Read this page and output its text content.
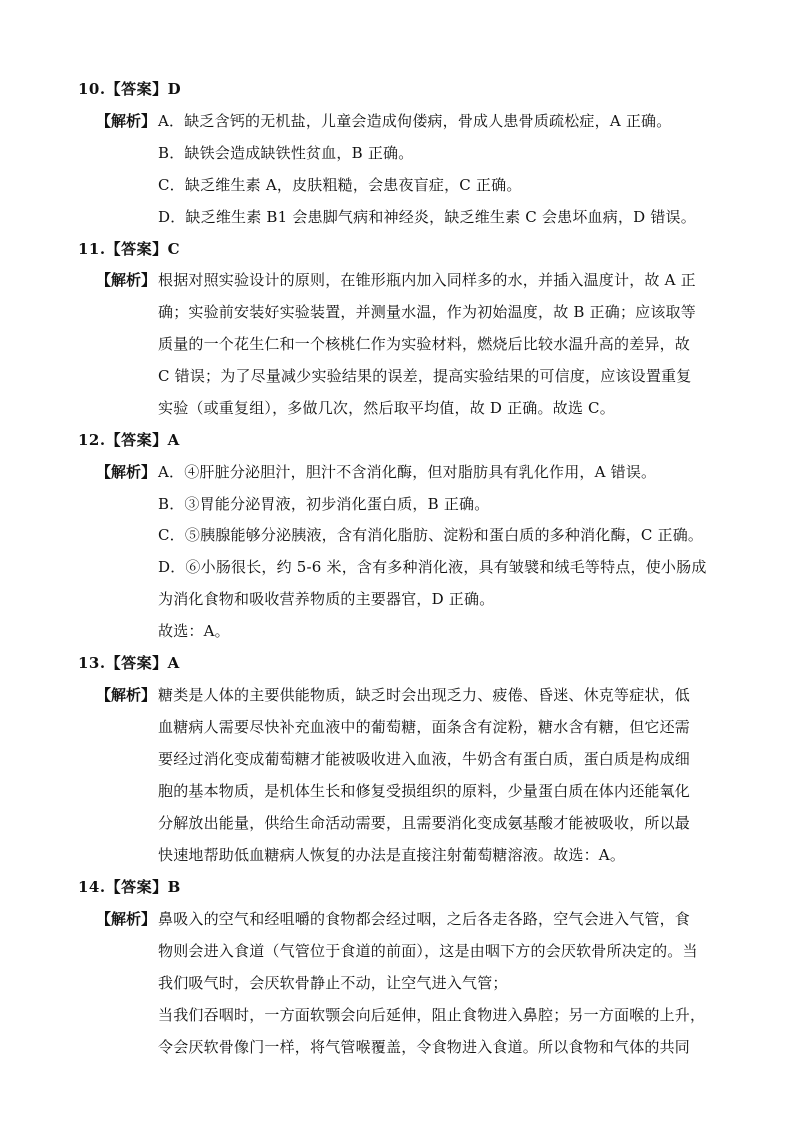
10.【答案】D
【解析】 A．缺乏含钙的无机盐，儿童会造成佝偻病，骨成人患骨质疏松症，A 正确。
B．缺铁会造成缺铁性贫血，B 正确。
C．缺乏维生素 A，皮肤粗糙，会患夜盲症，C 正确。
D．缺乏维生素 B1 会患脚气病和神经炎，缺乏维生素 C 会患坏血病，D 错误。
11.【答案】C
【解析】 根据对照实验设计的原则，在锥形瓶内加入同样多的水，并插入温度计，故 A 正
确；实验前安装好实验装置，并测量水温，作为初始温度，故 B 正确；应该取等
质量的一个花生仁和一个核桃仁作为实验材料，燃烧后比较水温升高的差异，故
C 错误；为了尽量减少实验结果的误差，提高实验结果的可信度，应该设置重复
实验（或重复组），多做几次，然后取平均值，故 D 正确。故选 C。
12.【答案】A
【解析】 A．④肝脏分泌胆汁，胆汁不含消化酶，但对脂肪具有乳化作用，A 错误。
B．③胃能分泌胃液，初步消化蛋白质，B 正确。
C．⑤胰腺能够分泌胰液，含有消化脂肪、淀粉和蛋白质的多种消化酶，C 正确。
D．⑥小肠很长，约 5-6 米，含有多种消化液，具有皱襞和绒毛等特点，使小肠成
为消化食物和吸收营养物质的主要器官，D 正确。
故选：A。
13.【答案】A
【解析】 糖类是人体的主要供能物质，缺乏时会出现乏力、疲倦、昏迷、休克等症状，低
血糖病人需要尽快补充血液中的葡萄糖，面条含有淀粉，糖水含有糖，但它还需
要经过消化变成葡萄糖才能被吸收进入血液，牛奶含有蛋白质，蛋白质是构成细
胞的基本物质，是机体生长和修复受损组织的原料，少量蛋白质在体内还能氧化
分解放出能量，供给生命活动需要，且需要消化变成氨基酸才能被吸收，所以最
快速地帮助低血糖病人恢复的办法是直接注射葡萄糖溶液。故选：A。
14.【答案】B
【解析】 鼻吸入的空气和经咀嚼的食物都会经过咽，之后各走各路，空气会进入气管，食
物则会进入食道（气管位于食道的前面），这是由咽下方的会厌软骨所决定的。当
我们吸气时，会厌软骨静止不动，让空气进入气管；
当我们吞咽时，一方面软颚会向后延伸，阻止食物进入鼻腔；另一方面喉的上升，
令会厌软骨像门一样，将气管喉覆盖，令食物进入食道。所以食物和气体的共同
